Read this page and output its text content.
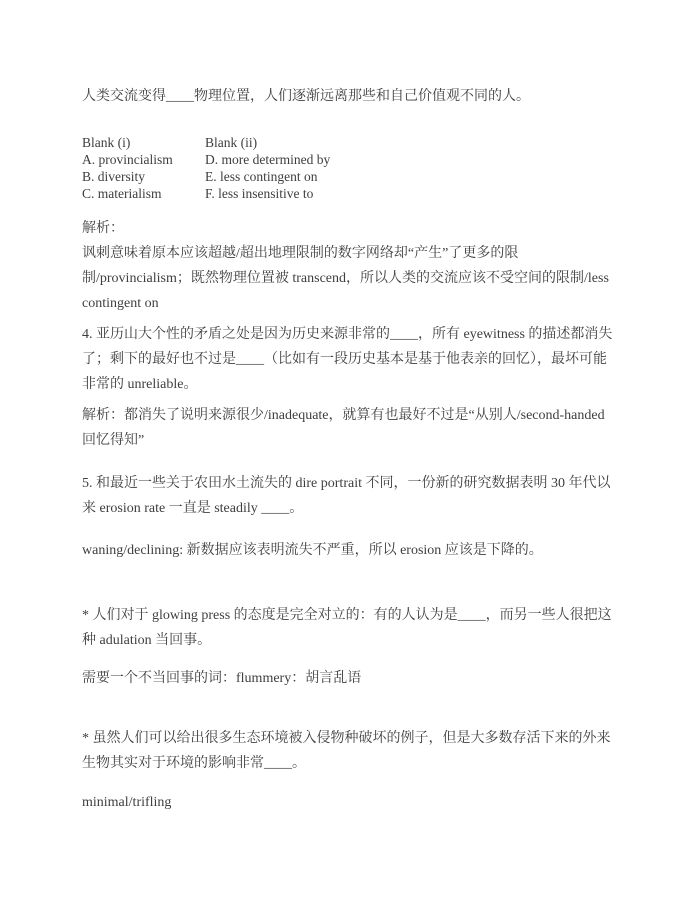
人类交流变得____物理位置，人们逐渐远离那些和自己价值观不同的人。

Blank (i)
A. provincialism
B. diversity
C. materialism
Blank (ii)
D. more determined by
E. less contingent on
F. less insensitive to

解析：

讽刺意味着原本应该超越/超出地理限制的数字网络却“产生”了更多的限制/provincialism；既然物理位置被 transcend，所以人类的交流应该不受空间的限制/less contingent on

4. 亚历山大个性的矛盾之处是因为历史来源非常的____，所有 eyewitness 的描述都消失了；剩下的最好也不过是____（比如有一段历史基本是基于他表亲的回忆），最坏可能非常的 unreliable。

解析：都消失了说明来源很少/inadequate，就算有也最好不过是“从别人/second-handed 回忆得知”

5. 和最近一些关于农田水土流失的 dire portrait 不同，一份新的研究数据表明 30 年代以来 erosion rate 一直是 steadily ____。

waning/declining: 新数据应该表明流失不严重，所以 erosion 应该是下降的。

* 人们对于 glowing press 的态度是完全对立的：有的人认为是____，而另一些人很把这种 adulation 当回事。

需要一个不当回事的词：flummery：胡言乱语

* 虽然人们可以给出很多生态环境被入侵物种破坏的例子，但是大多数存活下来的外来生物其实对于环境的影响非常____。

minimal/trifling
